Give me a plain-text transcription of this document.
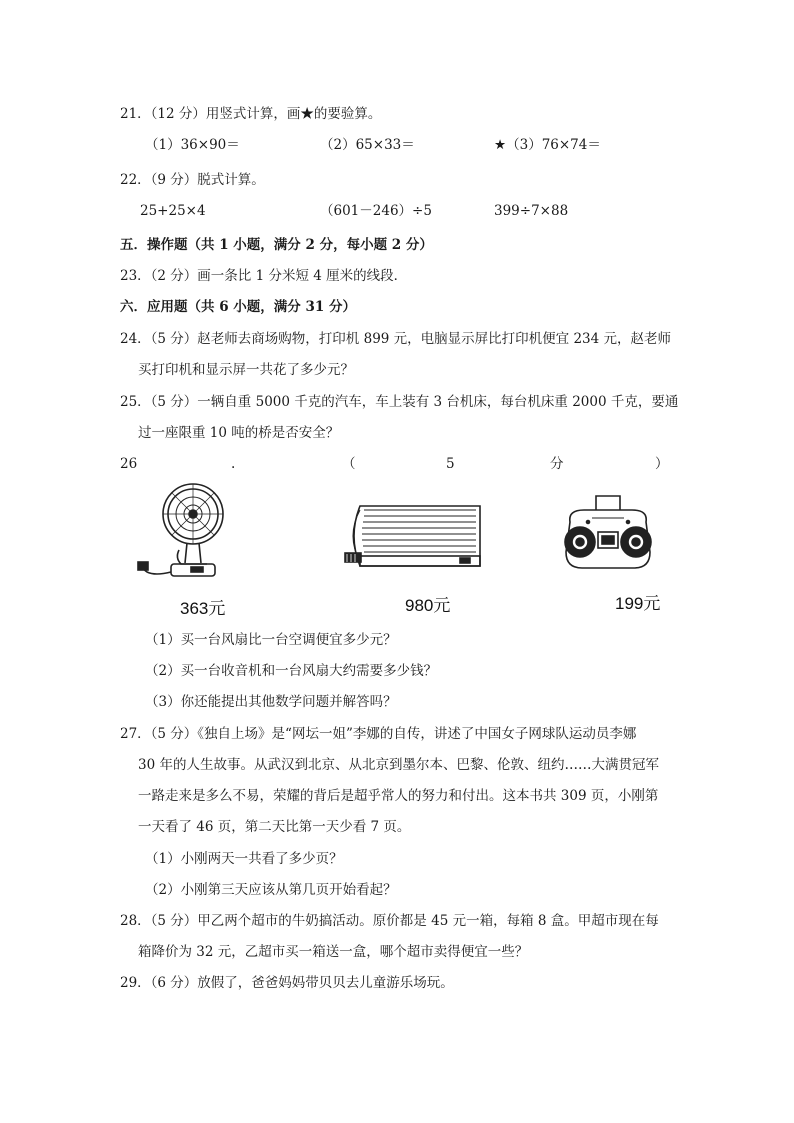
21．（12 分）用竖式计算，画★的要验算。
（1）36×90＝	（2）65×33＝	★（3）76×74＝
22．（9 分）脱式计算。
25+25×4	（601－246）÷5	399÷7×88
五．操作题（共 1 小题，满分 2 分，每小题 2 分）
23．（2 分）画一条比 1 分米短 4 厘米的线段．
六．应用题（共 6 小题，满分 31 分）
24．（5 分）赵老师去商场购物，打印机 899 元，电脑显示屏比打印机便宜 234 元，赵老师
买打印机和显示屏一共花了多少元？
25．（5 分）一辆自重 5000 千克的汽车，车上装有 3 台机床，每台机床重 2000 千克，要通
过一座限重 10 吨的桥是否安全？
26	.	（	5	分	）
363元	980元	199元
（1）买一台风扇比一台空调便宜多少元？
（2）买一台收音机和一台风扇大约需要多少钱？
（3）你还能提出其他数学问题并解答吗？
27．（5 分）《独自上场》是“网坛一姐”李娜的自传，讲述了中国女子网球队运动员李娜
30 年的人生故事。从武汉到北京、从北京到墨尔本、巴黎、伦敦、纽约……大满贯冠军
一路走来是多么不易，荣耀的背后是超乎常人的努力和付出。这本书共 309 页，小刚第
一天看了 46 页，第二天比第一天少看 7 页。
（1）小刚两天一共看了多少页？
（2）小刚第三天应该从第几页开始看起？
28．（5 分）甲乙两个超市的牛奶搞活动。原价都是 45 元一箱，每箱 8 盒。甲超市现在每
箱降价为 32 元，乙超市买一箱送一盒，哪个超市卖得便宜一些？
29．（6 分）放假了，爸爸妈妈带贝贝去儿童游乐场玩。
